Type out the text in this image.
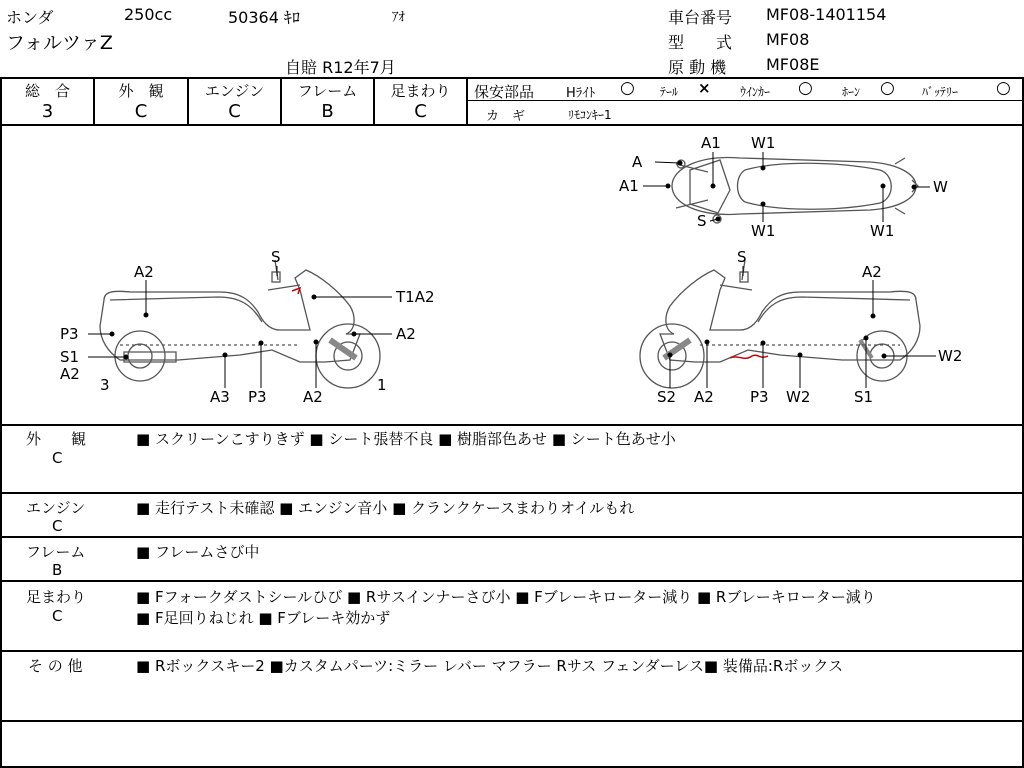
ホンダ	250cc	50364 ｷﾛ	ｱｵ
フォルツァZ
自賠 R12年7月
車台番号 MF08-1401154
型　　式 MF08
原 動 機 MF08E
総　合
3
外　観
C
エンジン
C
フレーム
B
足まわり
C
保安部品 Hﾗｲﾄ ○ ﾃｰﾙ × ｳｲﾝｶｰ ○ ﾎｰﾝ ○ ﾊﾞｯﾃﾘｰ ○
カ　ギ	ﾘﾓｺﾝｷｰ1
A
A1
A1
S
W1
W1	W1
W
S
A2
T1A2
P3	A2
S1
A2
3
A3 P3 A2
1
S
A2
W2
S2 A2 P3 W2	S1
外　　観
C
■ スクリーンこすりきず ■ シート張替不良 ■ 樹脂部色あせ ■ シート色あせ小
エンジン
C
■ 走行テスト未確認 ■ エンジン音小 ■ クランクケースまわりオイルもれ
フレーム
B
■ フレームさび中
足まわり
C
■ Fフォークダストシールひび ■ Rサスインナーさび小 ■ Fブレーキローター減り ■ Rブレーキローター減り
■ F足回りねじれ ■ Fブレーキ効かず
そ の 他	■ Rボックスキー2 ■カスタムパーツ:ミラー レバー マフラー Rサス フェンダーレス■ 装備品:Rボックス
